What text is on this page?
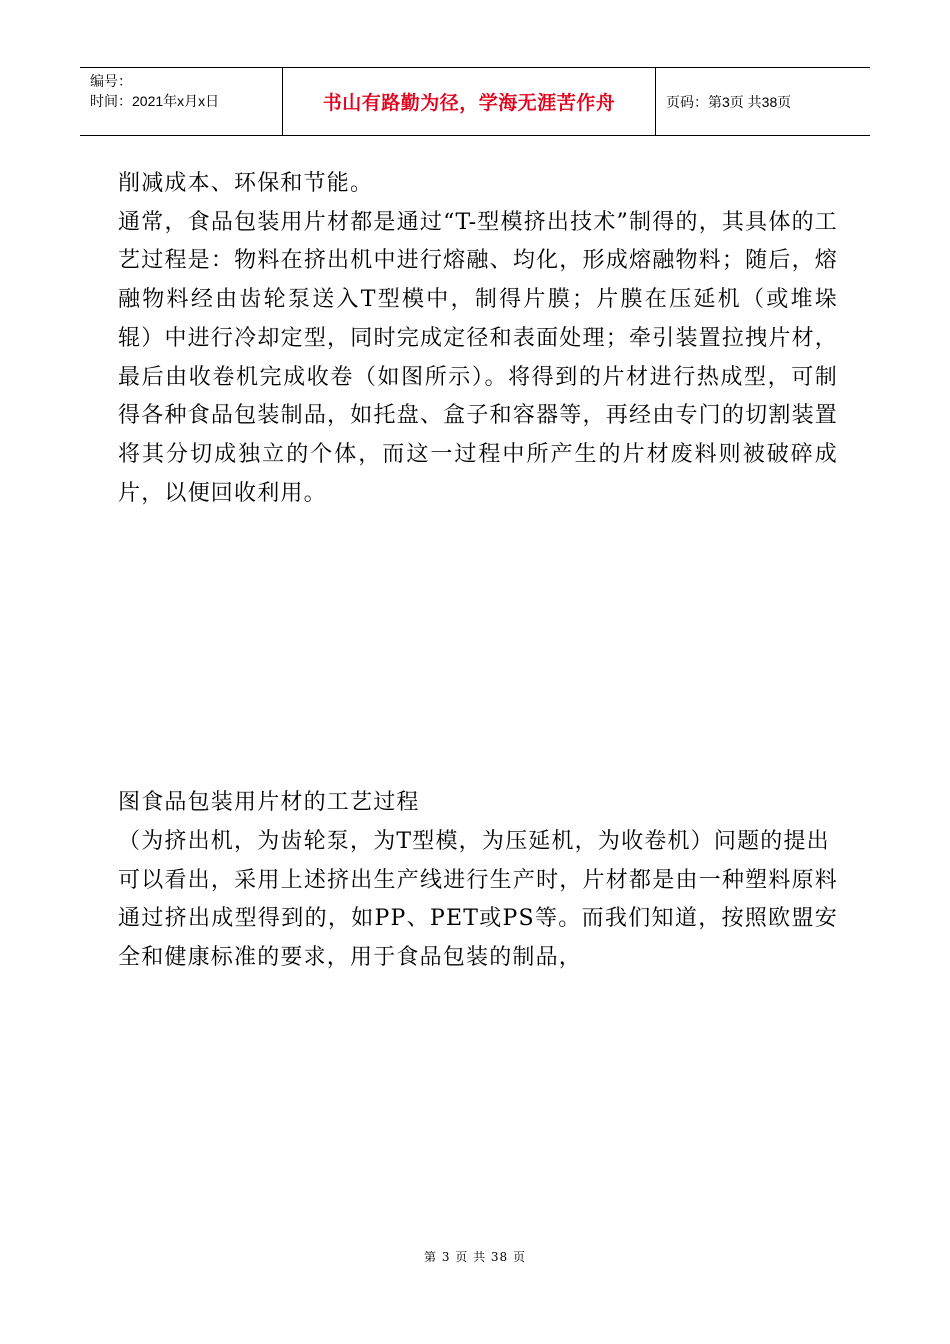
编号：
时间：2021年x月x日	书山有路勤为径，学海无涯苦作舟	页码：第3页 共38页

削减成本、环保和节能。

通常，食品包装用片材都是通过“T-型模挤出技术”制得的，其具体的工艺过程是：物料在挤出机中进行熔融、均化，形成熔融物料；随后，熔融物料经由齿轮泵送入T型模中，制得片膜；片膜在压延机（或堆垛辊）中进行冷却定型，同时完成定径和表面处理；牵引装置拉拽片材，最后由收卷机完成收卷（如图所示）。将得到的片材进行热成型，可制得各种食品包装制品，如托盘、盒子和容器等，再经由专门的切割装置将其分切成独立的个体，而这一过程中所产生的片材废料则被破碎成片，以便回收利用。

图食品包装用片材的工艺过程

（为挤出机，为齿轮泵，为T型模，为压延机，为收卷机）问题的提出

可以看出，采用上述挤出生产线进行生产时，片材都是由一种塑料原料通过挤出成型得到的，如PP、PET或PS等。而我们知道，按照欧盟安全和健康标准的要求，用于食品包装的制品，

第 3 页 共 38 页
